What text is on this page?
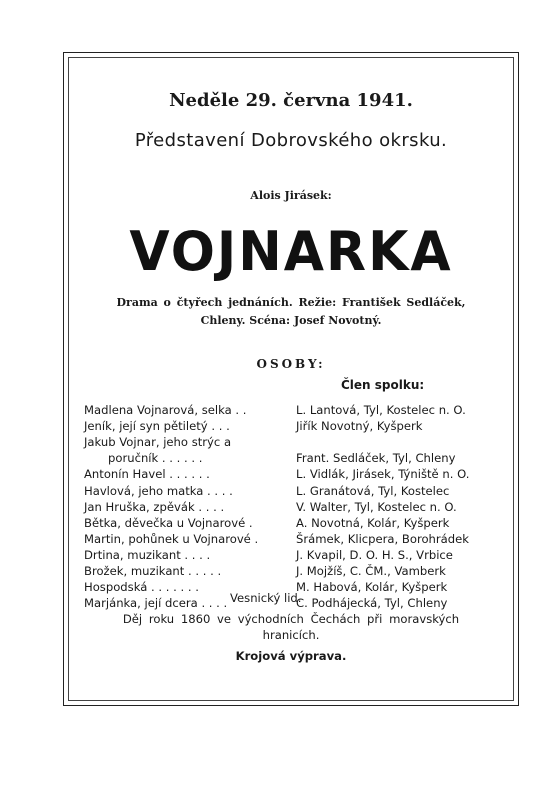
Neděle 29. června 1941.
Představení Dobrovského okrsku.
Alois Jirásek:
VOJNARKA
Drama o čtyřech jednáních. Režie: František Sedláček,
Chleny. Scéna: Josef Novotný.
OSOBY:
Člen spolku:
Madlena Vojnarová, selka . .	L. Lantová, Tyl, Kostelec n. O.
Jeník, její syn pětiletý . . .	Jiřík Novotný, Kyšperk
Jakub Vojnar, jeho strýc a
poručník . . . . . .	Frant. Sedláček, Tyl, Chleny
Antonín Havel . . . . . .	L. Vidlák, Jirásek, Týniště n. O.
Havlová, jeho matka . . . .	L. Granátová, Tyl, Kostelec
Jan Hruška, zpěvák . . . .	V. Walter, Tyl, Kostelec n. O.
Bětka, děvečka u Vojnarové .	A. Novotná, Kolár, Kyšperk
Martin, pohůnek u Vojnarové .	Šrámek, Klicpera, Borohrádek
Drtina, muzikant . . . .	J. Kvapil, D. O. H. S., Vrbice
Brožek, muzikant . . . . .	J. Mojžíš, C. ČM., Vamberk
Hospodská . . . . . . .	M. Habová, Kolár, Kyšperk
Marjánka, její dcera . . . .	C. Podhájecká, Tyl, Chleny
Vesnický lid.
Děj roku 1860 ve východních Čechách při moravských
hranicích.
Krojová výprava.
